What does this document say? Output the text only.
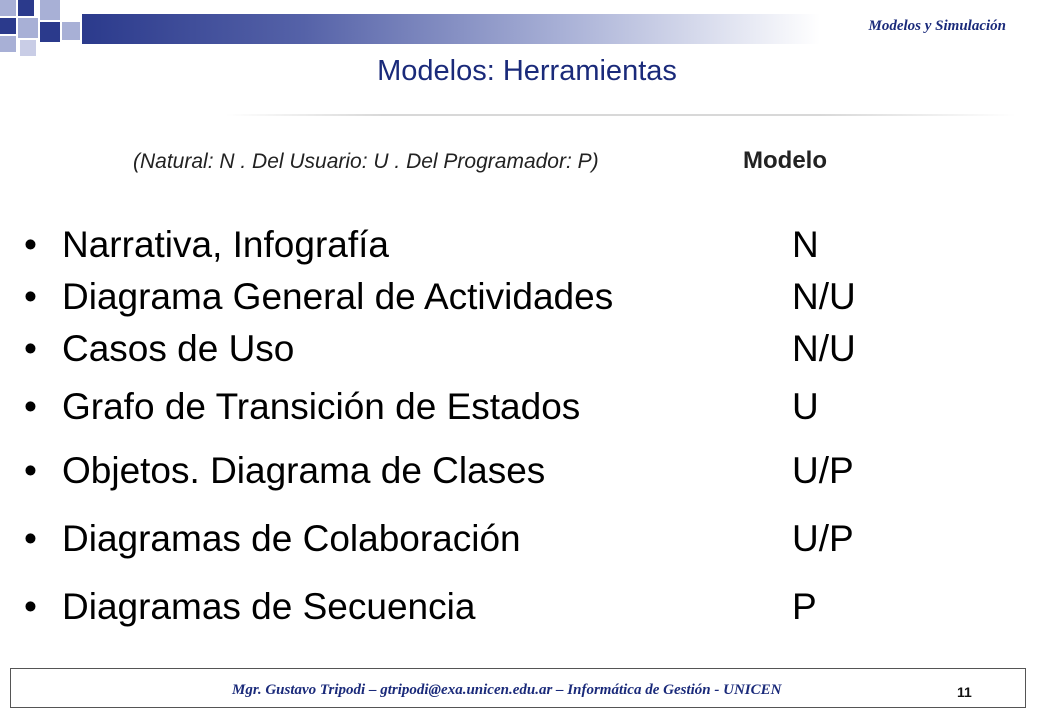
Modelos y Simulación
Modelos: Herramientas
(Natural: N . Del Usuario: U . Del Programador: P)	Modelo
• Narrativa, Infografía	N
• Diagrama General de Actividades	N/U
• Casos de Uso	N/U
• Grafo de Transición de Estados	U
• Objetos. Diagrama de Clases	U/P
• Diagramas de Colaboración	U/P
• Diagramas de Secuencia	P
Mgr. Gustavo Tripodi – gtripodi@exa.unicen.edu.ar – Informática de Gestión - UNICEN	11
